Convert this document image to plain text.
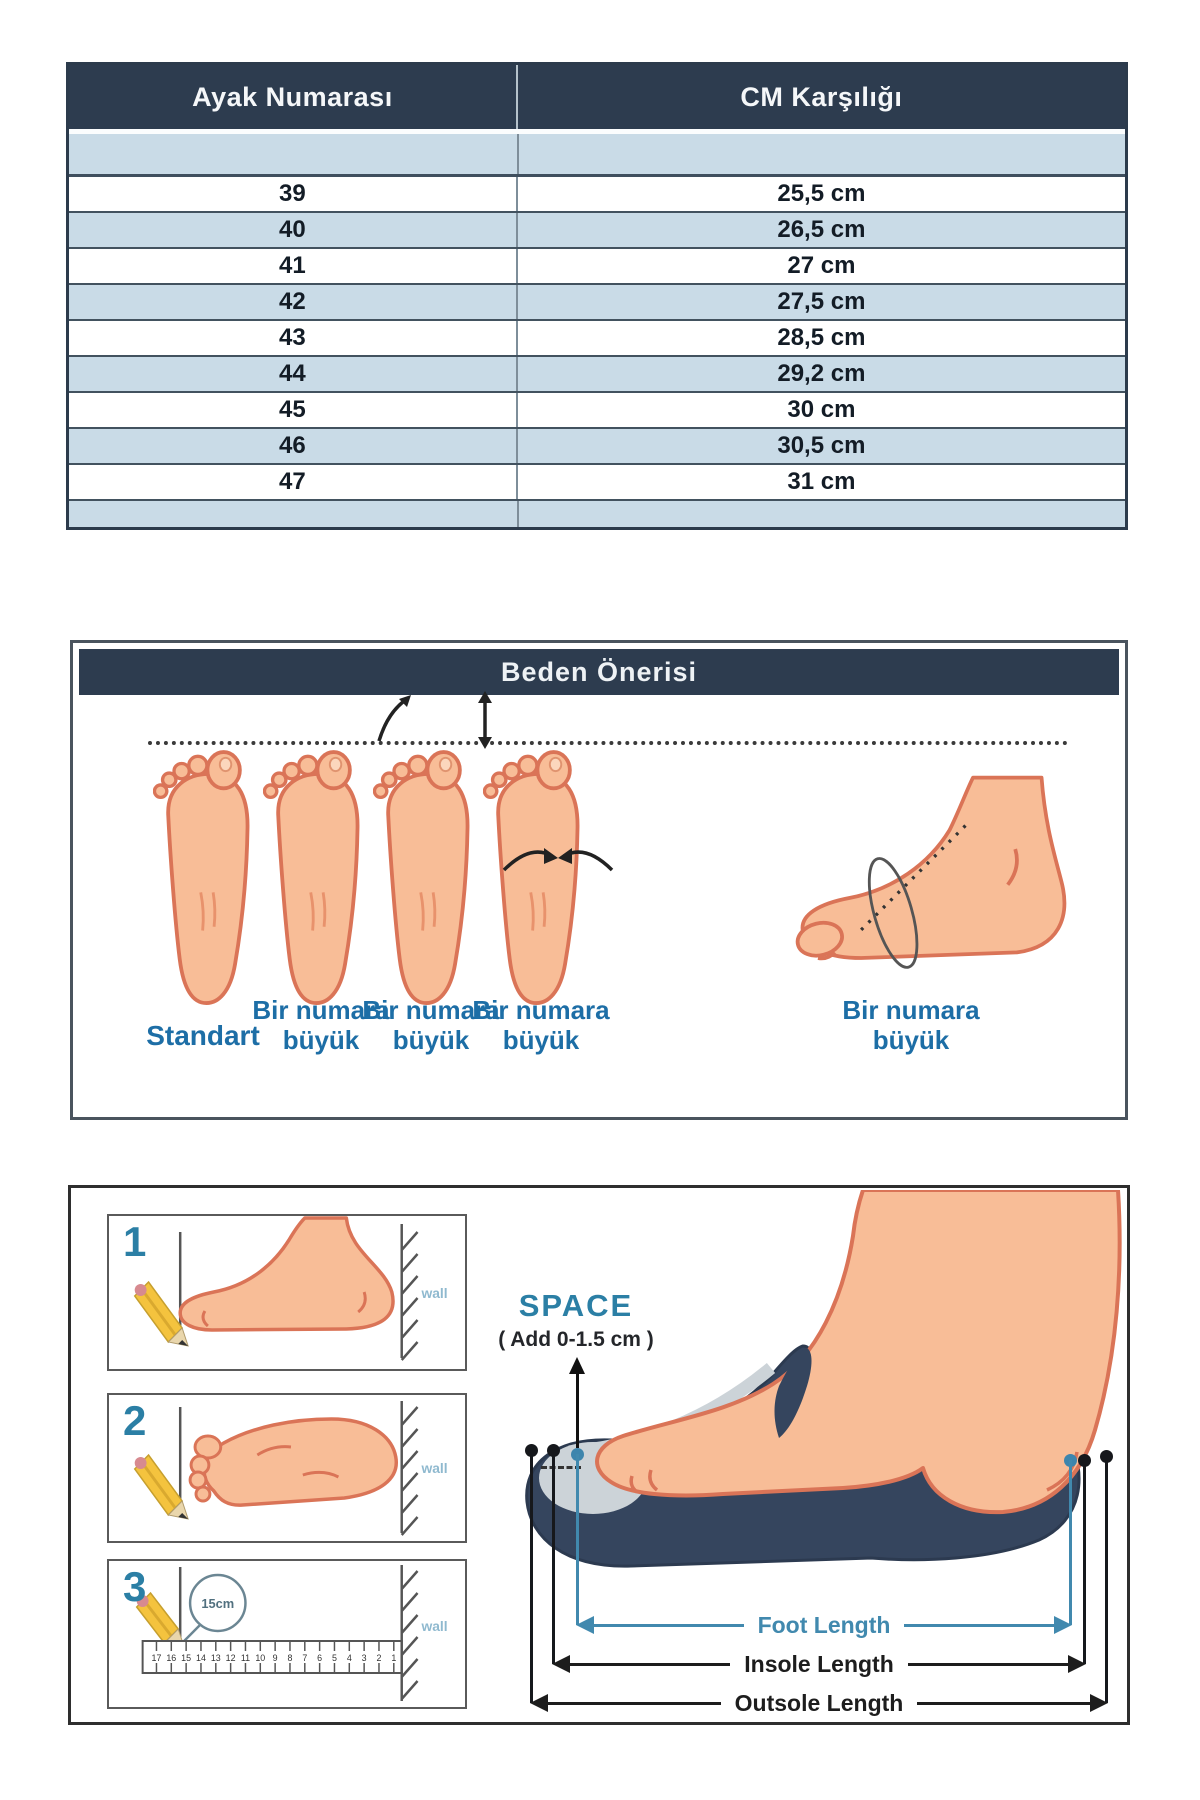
Ayak Numarası	CM Karşılığı
39	25,5 cm
40	26,5 cm
41	27 cm
42	27,5 cm
43	28,5 cm
44	29,2 cm
45	30 cm
46	30,5 cm
47	31 cm
Beden Önerisi
Standart
Bir numara büyük
Bir numara büyük
Bir numara büyük
Bir numara büyük
1
wall
2
wall
3	15cm
17 16 15 14 13 12 11 10 9 8 7 6 5 4 3 2 1
wall
SPACE
( Add 0-1.5 cm )
Foot Length
Insole Length
Outsole Length
